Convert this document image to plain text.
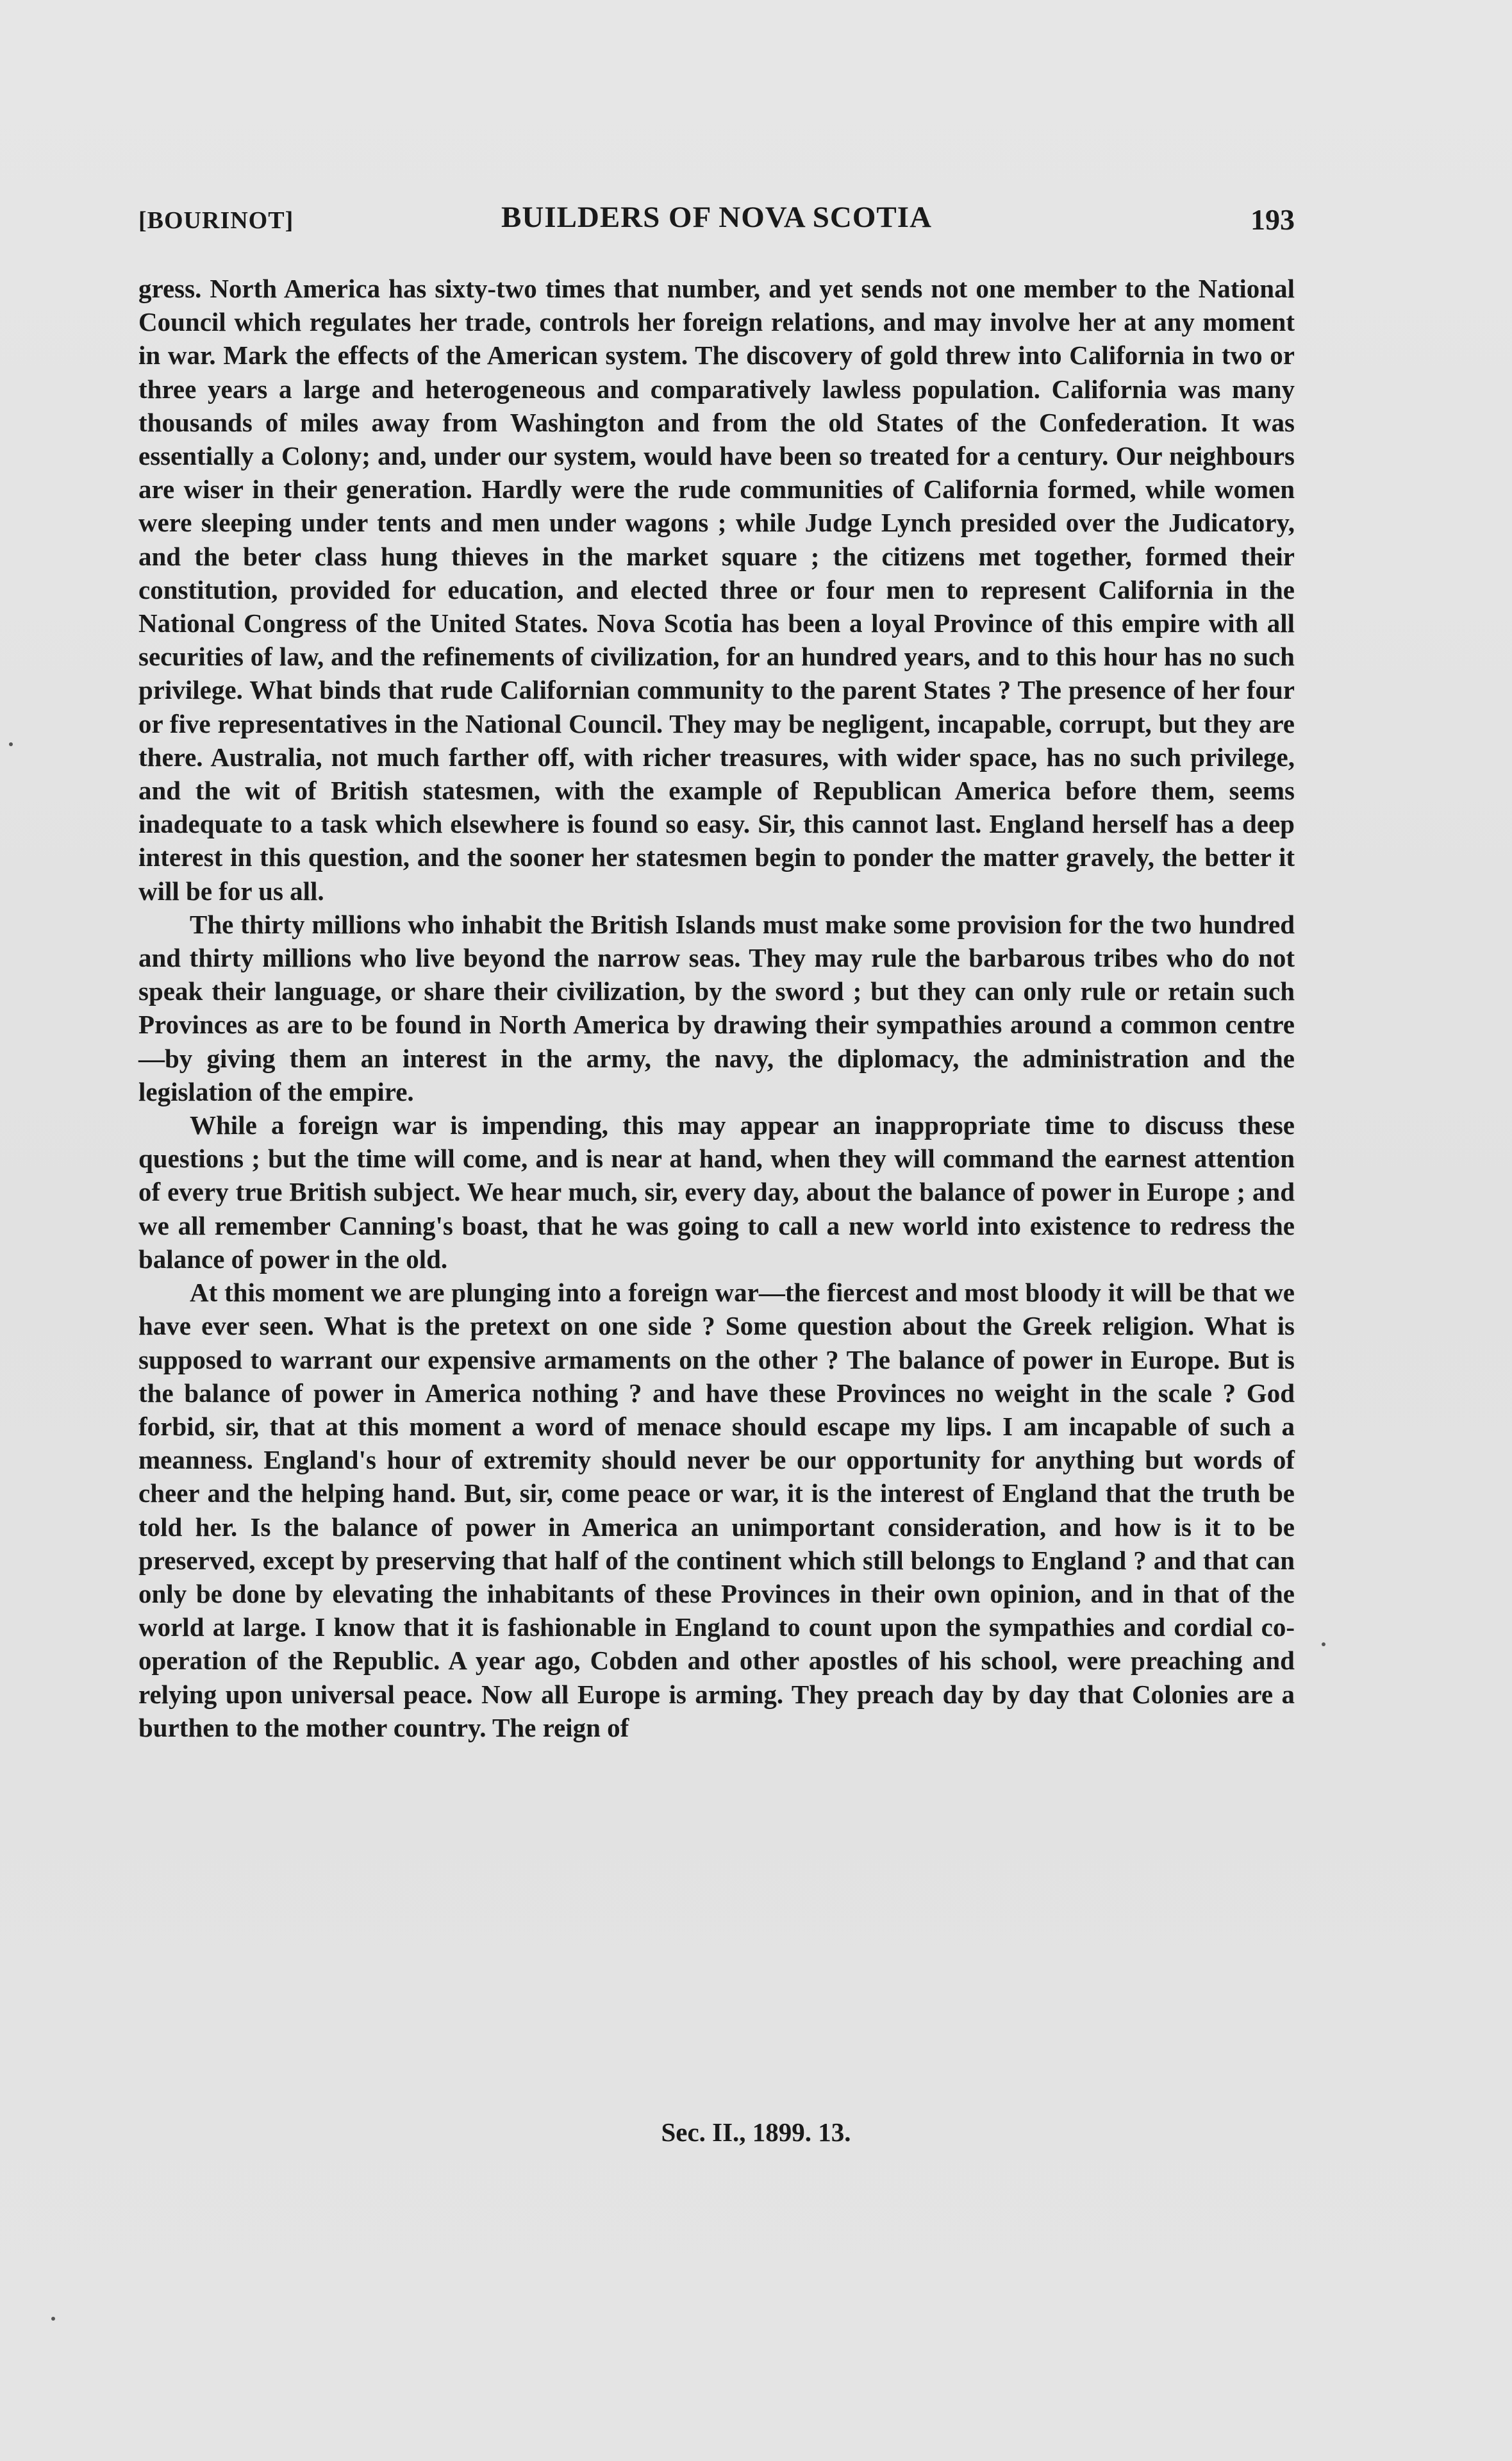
[BOURINOT]	BUILDERS OF NOVA SCOTIA	193

gress. North America has sixty-two times that number, and yet sends not one member to the National Council which regulates her trade, controls her foreign relations, and may involve her at any moment in war. Mark the effects of the American system. The discovery of gold threw into California in two or three years a large and heterogeneous and comparatively lawless population. California was many thousands of miles away from Washington and from the old States of the Confederation. It was essentially a Colony; and, under our system, would have been so treated for a century. Our neighbours are wiser in their generation. Hardly were the rude communities of California formed, while women were sleeping under tents and men under wagons ; while Judge Lynch presided over the Judicatory, and the beter class hung thieves in the market square ; the citizens met together, formed their constitution, provided for education, and elected three or four men to represent California in the National Congress of the United States. Nova Scotia has been a loyal Province of this empire with all securities of law, and the refinements of civilization, for an hundred years, and to this hour has no such privilege. What binds that rude Californian community to the parent States ? The presence of her four or five representatives in the National Council. They may be negligent, incapable, corrupt, but they are there. Australia, not much farther off, with richer treasures, with wider space, has no such privilege, and the wit of British statesmen, with the example of Republican America before them, seems inadequate to a task which elsewhere is found so easy. Sir, this cannot last. England herself has a deep interest in this question, and the sooner her statesmen begin to ponder the matter gravely, the better it will be for us all.

The thirty millions who inhabit the British Islands must make some provision for the two hundred and thirty millions who live beyond the narrow seas. They may rule the barbarous tribes who do not speak their language, or share their civilization, by the sword ; but they can only rule or retain such Provinces as are to be found in North America by drawing their sympathies around a common centre—by giving them an interest in the army, the navy, the diplomacy, the administration and the legislation of the empire.

While a foreign war is impending, this may appear an inappropriate time to discuss these questions ; but the time will come, and is near at hand, when they will command the earnest attention of every true British subject. We hear much, sir, every day, about the balance of power in Europe ; and we all remember Canning's boast, that he was going to call a new world into existence to redress the balance of power in the old.

At this moment we are plunging into a foreign war—the fiercest and most bloody it will be that we have ever seen. What is the pretext on one side ? Some question about the Greek religion. What is supposed to warrant our expensive armaments on the other ? The balance of power in Europe. But is the balance of power in America nothing ? and have these Provinces no weight in the scale ? God forbid, sir, that at this moment a word of menace should escape my lips. I am incapable of such a meanness. England's hour of extremity should never be our opportunity for anything but words of cheer and the helping hand. But, sir, come peace or war, it is the interest of England that the truth be told her. Is the balance of power in America an unimportant consideration, and how is it to be preserved, except by preserving that half of the continent which still belongs to England ? and that can only be done by elevating the inhabitants of these Provinces in their own opinion, and in that of the world at large. I know that it is fashionable in England to count upon the sympathies and cordial co-operation of the Republic. A year ago, Cobden and other apostles of his school, were preaching and relying upon universal peace. Now all Europe is arming. They preach day by day that Colonies are a burthen to the mother country. The reign of

Sec. II., 1899. 13.
